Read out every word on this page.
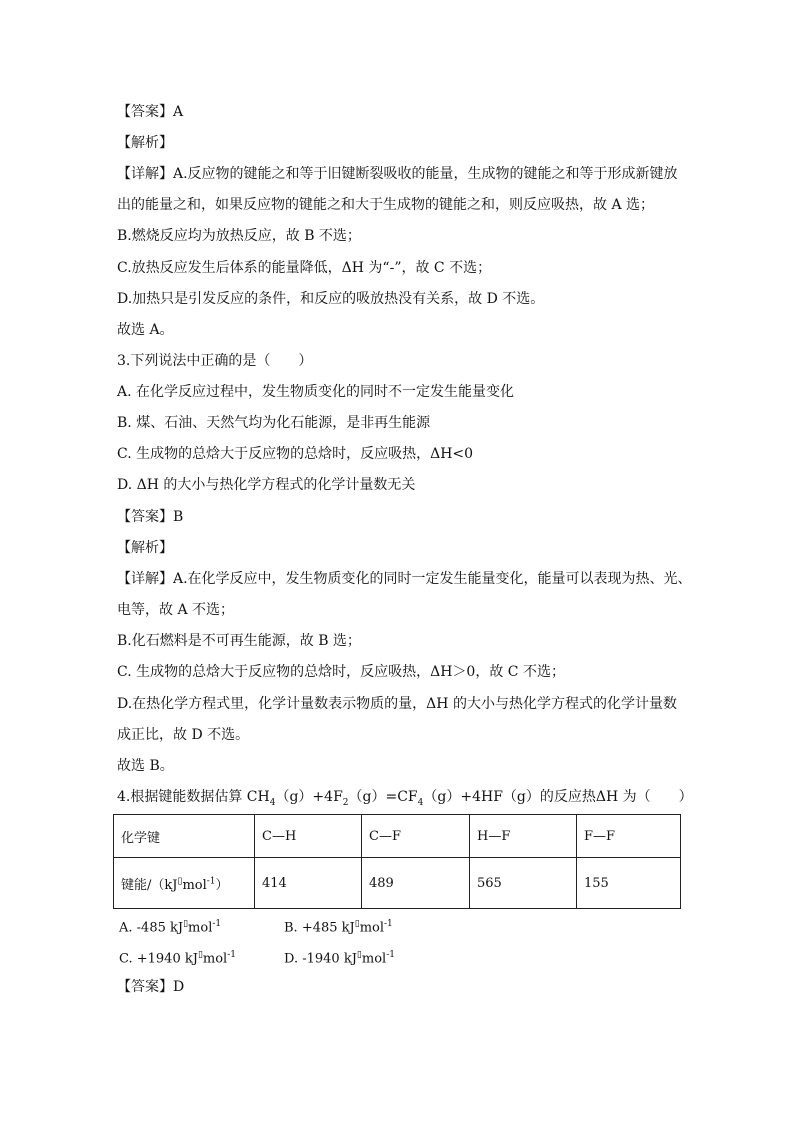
【答案】A
【解析】
【详解】A.反应物的键能之和等于旧键断裂吸收的能量，生成物的键能之和等于形成新键放
出的能量之和，如果反应物的键能之和大于生成物的键能之和，则反应吸热，故 A 选；
B.燃烧反应均为放热反应，故 B 不选；
C.放热反应发生后体系的能量降低，ΔH 为“-”，故 C 不选；
D.加热只是引发反应的条件，和反应的吸放热没有关系，故 D 不选。
故选 A。
3.下列说法中正确的是（　　）
A. 在化学反应过程中，发生物质变化的同时不一定发生能量变化
B. 煤、石油、天然气均为化石能源，是非再生能源
C. 生成物的总焓大于反应物的总焓时，反应吸热，ΔH<0
D. ΔH 的大小与热化学方程式的化学计量数无关
【答案】B
【解析】
【详解】A.在化学反应中，发生物质变化的同时一定发生能量变化，能量可以表现为热、光、
电等，故 A 不选；
B.化石燃料是不可再生能源，故 B 选；
C. 生成物的总焓大于反应物的总焓时，反应吸热，ΔH＞0，故 C 不选；
D.在热化学方程式里，化学计量数表示物质的量，ΔH 的大小与热化学方程式的化学计量数
成正比，故 D 不选。
故选 B。
4.根据键能数据估算 $CH_4(g)+4F_2(g)=CF_4(g)+4HF(g)$的反应热ΔH 为（　　）
化学键	C—H	C—F	H—F	F—F
键能/（kJ▯mol$^{-1}$）	414	489	565	155
A. -485 kJ▯mol$^{-1}$	B. +485 kJ▯mol$^{-1}$
C. +1940 kJ▯mol$^{-1}$	D. -1940 kJ▯mol$^{-1}$
【答案】D
